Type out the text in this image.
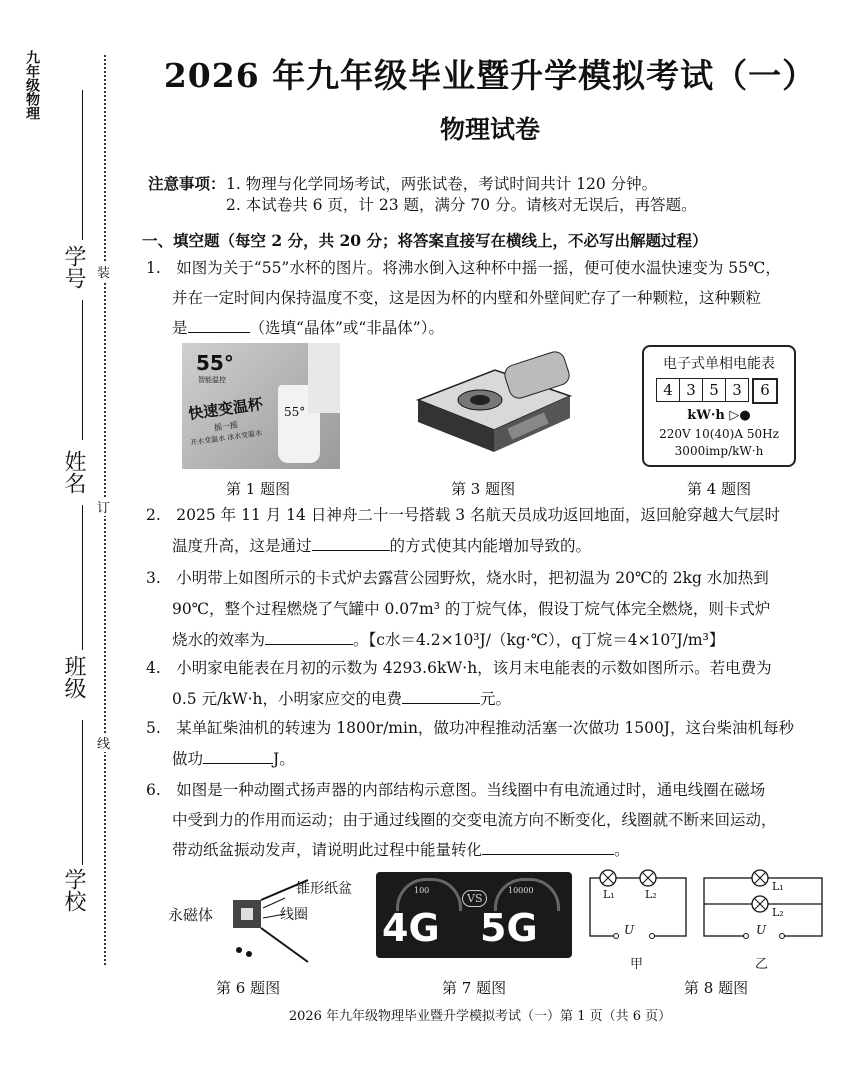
九年级物理
学号
姓名
班级
学校
装
订
线
2026 年九年级毕业暨升学模拟考试（一）
物理试卷
注意事项： 1. 物理与化学同场考试，两张试卷，考试时间共计 120 分钟。
2. 本试卷共 6 页，计 23 题，满分 70 分。请核对无误后，再答题。
一、填空题（每空 2 分，共 20 分；将答案直接写在横线上，不必写出解题过程）
1.　如图为关于“55”水杯的图片。将沸水倒入这种杯中摇一摇，便可使水温快速变为 55℃，
并在一定时间内保持温度不变，这是因为杯的内壁和外壁间贮存了一种颗粒，这种颗粒
是	（选填“晶体”或“非晶体”）。
55°
智能温控
快速变温杯
摇一摇
开水变温水 冰水变温水
55°
电子式单相电能表
4 3 5 3	6
kW·h ▷●
220V 10(40)A 50Hz
3000imp/kW·h
第 1 题图	第 3 题图	第 4 题图
2.　2025 年 11 月 14 日神舟二十一号搭载 3 名航天员成功返回地面，返回舱穿越大气层时
温度升高，这是通过	的方式使其内能增加导致的。
3.　小明带上如图所示的卡式炉去露营公园野炊，烧水时，把初温为 20℃的 2kg 水加热到
90℃，整个过程燃烧了气罐中 0.07m³ 的丁烷气体，假设丁烷气体完全燃烧，则卡式炉
烧水的效率为	。【c水＝4.2×10³J/（kg·℃），q丁烷＝4×10⁷J/m³】
4.　小明家电能表在月初的示数为 4293.6kW·h，该月末电能表的示数如图所示。若电费为
0.5 元/kW·h，小明家应交的电费	元。
5.　某单缸柴油机的转速为 1800r/min，做功冲程推动活塞一次做功 1500J，这台柴油机每秒
做功	J。
6.　如图是一种动圈式扬声器的内部结构示意图。当线圈中有电流通过时，通电线圈在磁场
中受到力的作用而运动；由于通过线圈的交变电流方向不断变化，线圈就不断来回运动，
带动纸盆振动发声，请说明此过程中能量转化	。
永磁体
锥形纸盆
线圈
100	10000
4G
VS
5G
L₁	L₂
U
L₁
L₂
U
甲	乙
第 6 题图	第 7 题图	第 8 题图
2026 年九年级物理毕业暨升学模拟考试（一）第 1 页（共 6 页）
